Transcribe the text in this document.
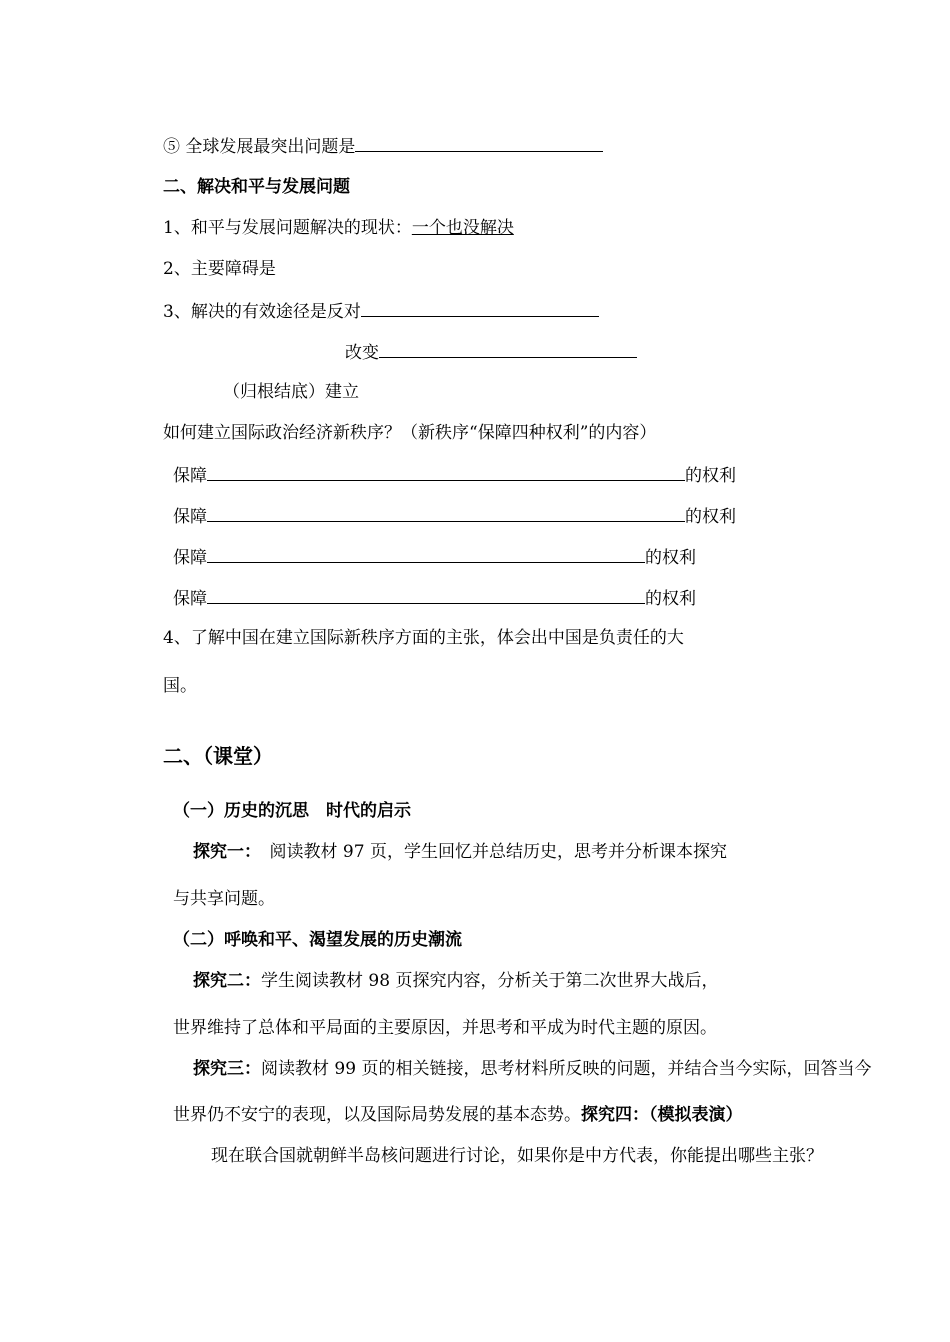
⑤ 全球发展最突出问题是
二、解决和平与发展问题
1、和平与发展问题解决的现状：一个也没解决
2、主要障碍是
3、解决的有效途径是反对
改变
（归根结底）建立
如何建立国际政治经济新秩序？（新秩序“保障四种权利”的内容）
保障	的权利
保障	的权利
保障	的权利
保障	的权利
4、了解中国在建立国际新秩序方面的主张，体会出中国是负责任的大
国。
二、（课堂）
（一）历史的沉思　时代的启示
探究一：　阅读教材 97 页，学生回忆并总结历史，思考并分析课本探究
与共享问题。
（二）呼唤和平、渴望发展的历史潮流
探究二：学生阅读教材 98 页探究内容，分析关于第二次世界大战后，
世界维持了总体和平局面的主要原因，并思考和平成为时代主题的原因。
探究三：阅读教材 99 页的相关链接，思考材料所反映的问题，并结合当今实际，回答当今
世界仍不安宁的表现，以及国际局势发展的基本态势。探究四：（模拟表演）
现在联合国就朝鲜半岛核问题进行讨论，如果你是中方代表，你能提出哪些主张？
